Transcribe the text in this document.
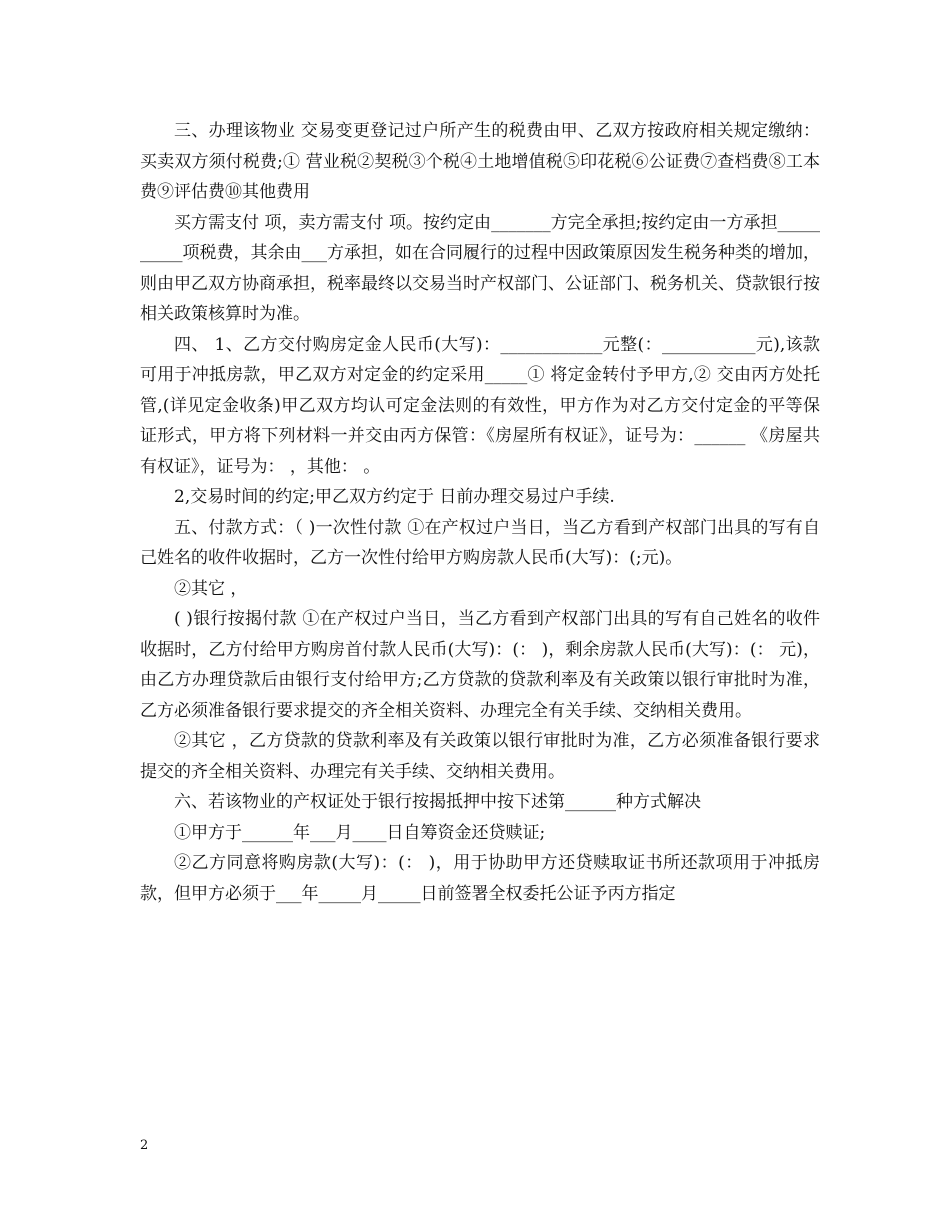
三、办理该物业 交易变更登记过户所产生的税费由甲、乙双方按政府相关规定缴纳：买卖双方须付税费;① 营业税②契税③个税④土地增值税⑤印花税⑥公证费⑦查档费⑧工本费⑨评估费⑩其他费用

买方需支付 项，卖方需支付 项。按约定由_______方完全承担;按约定由一方承担__________项税费，其余由___方承担，如在合同履行的过程中因政策原因发生税务种类的增加，则由甲乙双方协商承担，税率最终以交易当时产权部门、公证部门、税务机关、贷款银行按相关政策核算时为准。

四、 1、乙方交付购房定金人民币(大写)：____________元整(：___________元),该款可用于冲抵房款，甲乙双方对定金的约定采用_____① 将定金转付予甲方,② 交由丙方处托管,(详见定金收条)甲乙双方均认可定金法则的有效性，甲方作为对乙方交付定金的平等保证形式，甲方将下列材料一并交由丙方保管：《房屋所有权证》，证号为：______ 《房屋共有权证》，证号为： ，其他： 。

2,交易时间的约定;甲乙双方约定于 日前办理交易过户手续.

五、付款方式：（ )一次性付款 ①在产权过户当日，当乙方看到产权部门出具的写有自己姓名的收件收据时，乙方一次性付给甲方购房款人民币(大写)：(;元)。

②其它 ，

( )银行按揭付款 ①在产权过户当日，当乙方看到产权部门出具的写有自己姓名的收件收据时，乙方付给甲方购房首付款人民币(大写)：(： )，剩余房款人民币(大写)：(： 元)，由乙方办理贷款后由银行支付给甲方;乙方贷款的贷款利率及有关政策以银行审批时为准，乙方必须准备银行要求提交的齐全相关资料、办理完全有关手续、交纳相关费用。

②其它 ，乙方贷款的贷款利率及有关政策以银行审批时为准，乙方必须准备银行要求提交的齐全相关资料、办理完有关手续、交纳相关费用。

六、若该物业的产权证处于银行按揭抵押中按下述第______种方式解决

①甲方于______年___月____日自筹资金还贷赎证;

②乙方同意将购房款(大写)：(： )，用于协助甲方还贷赎取证书所还款项用于冲抵房款，但甲方必须于___年_____月_____日前签署全权委托公证予丙方指定

2
